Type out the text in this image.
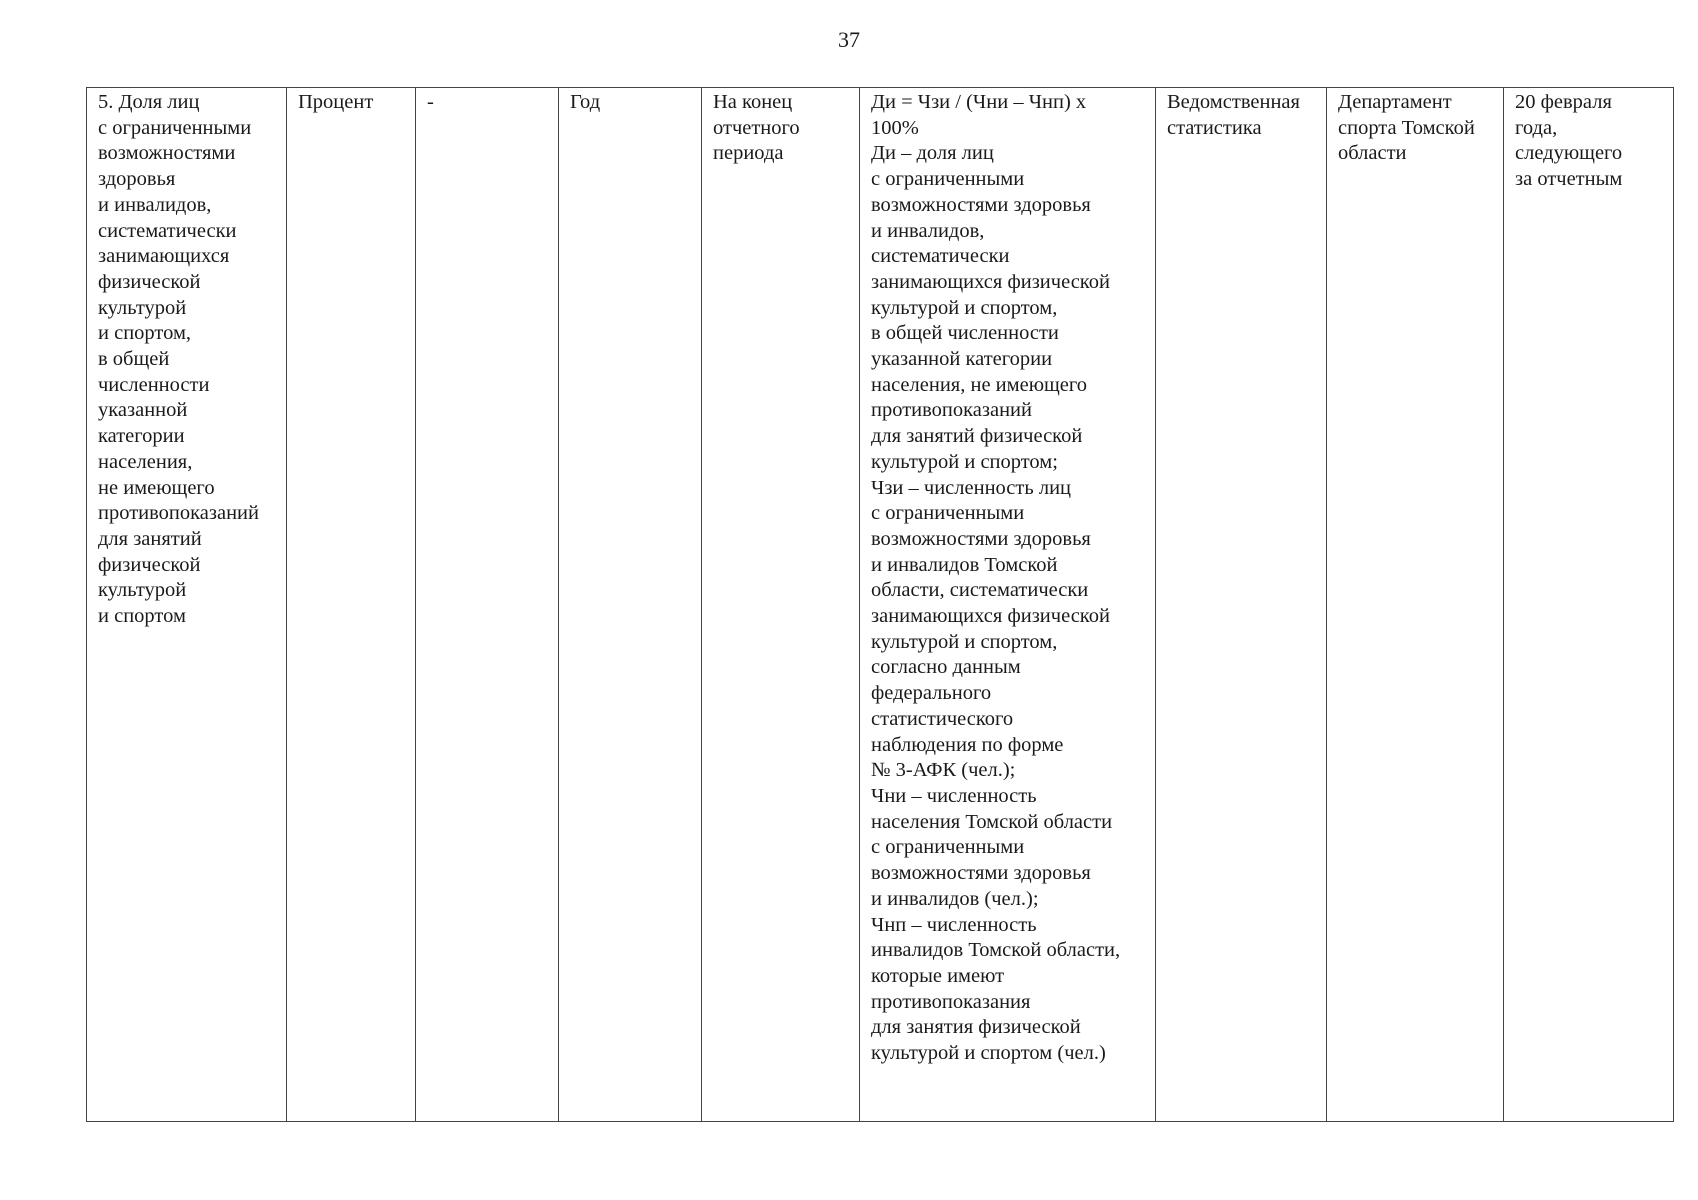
37
5. Доля лиц
с ограниченными
возможностями
здоровья
и инвалидов,
систематически
занимающихся
физической
культурой
и спортом,
в общей
численности
указанной
категории
населения,
не имеющего
противопоказаний
для занятий
физической
культурой
и спортом	Процент	-	Год	На конец
отчетного
периода	Ди = Чзи / (Чни – Чнп) x
100%
Ди – доля лиц
с ограниченными
возможностями здоровья
и инвалидов,
систематически
занимающихся физической
культурой и спортом,
в общей численности
указанной категории
населения, не имеющего
противопоказаний
для занятий физической
культурой и спортом;
Чзи – численность лиц
с ограниченными
возможностями здоровья
и инвалидов Томской
области, систематически
занимающихся физической
культурой и спортом,
согласно данным
федерального
статистического
наблюдения по форме
№ 3-АФК (чел.);
Чни – численность
населения Томской области
с ограниченными
возможностями здоровья
и инвалидов (чел.);
Чнп – численность
инвалидов Томской области,
которые имеют
противопоказания
для занятия физической
культурой и спортом (чел.)	Ведомственная
статистика	Департамент
спорта Томской
области	20 февраля
года,
следующего
за отчетным
